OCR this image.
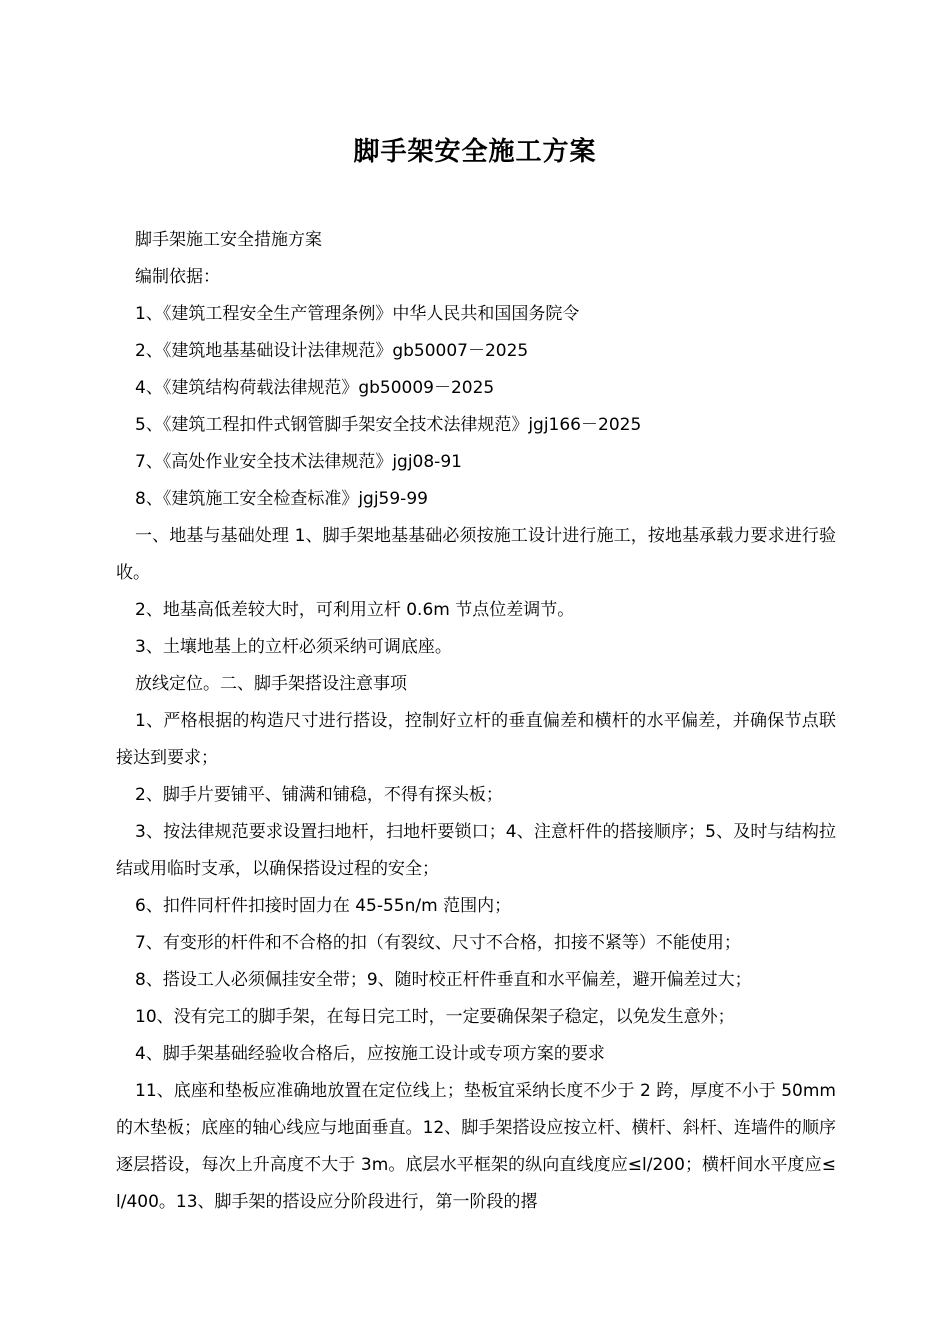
脚手架安全施工方案

脚手架施工安全措施方案

编制依据：

1、《建筑工程安全生产管理条例》中华人民共和国国务院令

2、《建筑地基基础设计法律规范》gb50007－2025

4、《建筑结构荷载法律规范》gb50009－2025

5、《建筑工程扣件式钢管脚手架安全技术法律规范》jgj166－2025

7、《高处作业安全技术法律规范》jgj08-91

8、《建筑施工安全检查标准》jgj59-99

一、地基与基础处理 1、脚手架地基基础必须按施工设计进行施工，按地基承载力要求进行验收。

2、地基高低差较大时，可利用立杆 0.6m 节点位差调节。

3、土壤地基上的立杆必须采纳可调底座。

放线定位。二、脚手架搭设注意事项

1、严格根据的构造尺寸进行搭设，控制好立杆的垂直偏差和横杆的水平偏差，并确保节点联接达到要求；

2、脚手片要铺平、铺满和铺稳，不得有探头板；

3、按法律规范要求设置扫地杆，扫地杆要锁口；4、注意杆件的搭接顺序；5、及时与结构拉结或用临时支承，以确保搭设过程的安全；

6、扣件同杆件扣接时固力在 45-55n/m 范围内；

7、有变形的杆件和不合格的扣（有裂纹、尺寸不合格，扣接不紧等）不能使用；

8、搭设工人必须佩挂安全带；9、随时校正杆件垂直和水平偏差，避开偏差过大；

10、没有完工的脚手架，在每日完工时，一定要确保架子稳定，以免发生意外；

4、脚手架基础经验收合格后，应按施工设计或专项方案的要求

11、底座和垫板应准确地放置在定位线上；垫板宜采纳长度不少于 2 跨，厚度不小于 50mm 的木垫板；底座的轴心线应与地面垂直。12、脚手架搭设应按立杆、横杆、斜杆、连墙件的顺序逐层搭设，每次上升高度不大于 3m。底层水平框架的纵向直线度应≤l/200；横杆间水平度应≤l/400。13、脚手架的搭设应分阶段进行，第一阶段的撂
